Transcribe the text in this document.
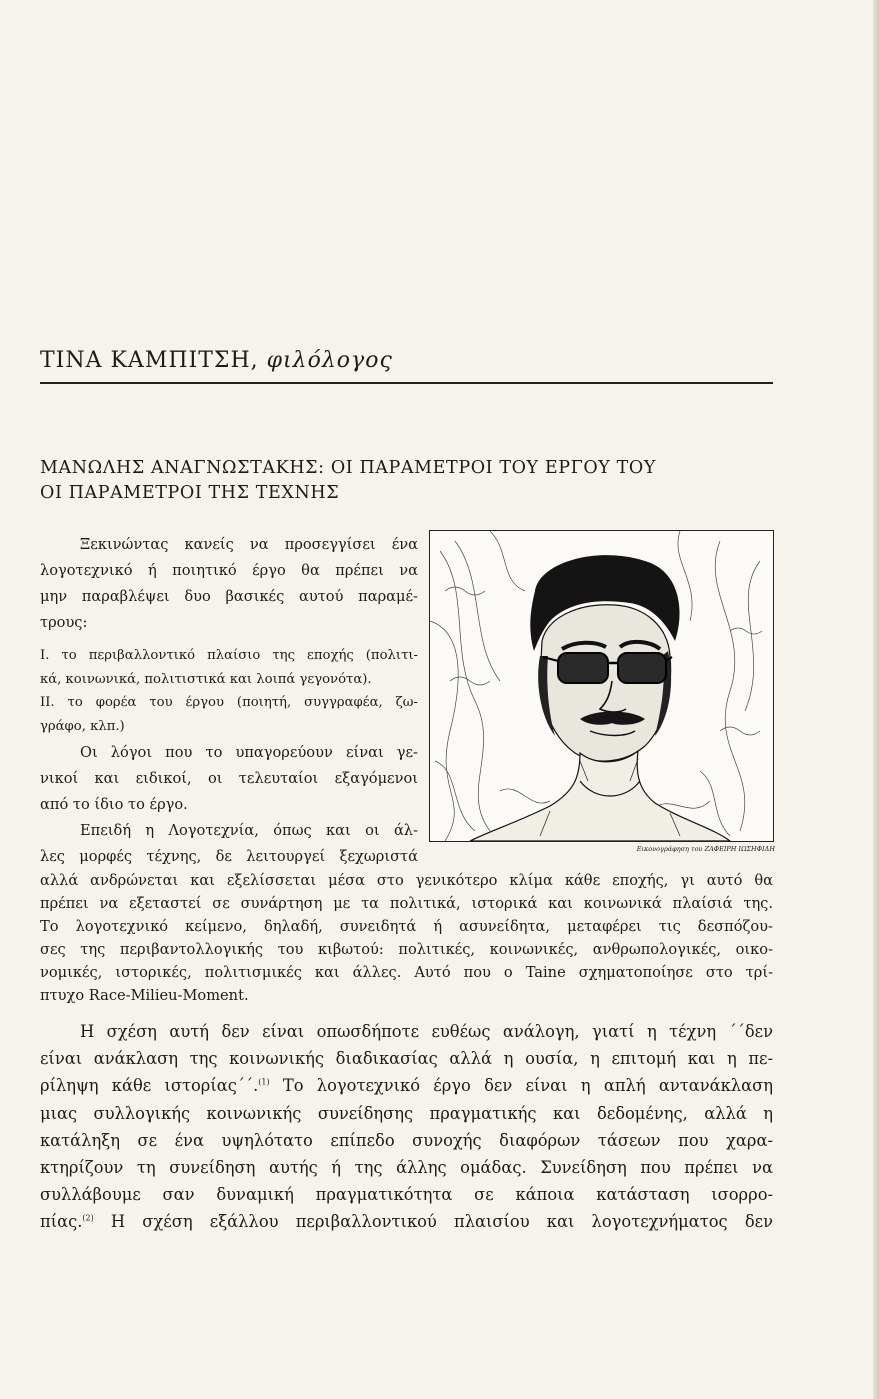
ΤΙΝΑ ΚΑΜΠΙΤΣΗ, φιλόλογος
ΜΑΝΩΛΗΣ ΑΝΑΓΝΩΣΤΑΚΗΣ: ΟΙ ΠΑΡΑΜΕΤΡΟΙ ΤΟΥ ΕΡΓΟΥ ΤΟΥ
ΟΙ ΠΑΡΑΜΕΤΡΟΙ ΤΗΣ ΤΕΧΝΗΣ
Ξεκινώντας κανείς να προσεγγίσει ένα
λογοτεχνικό ή ποιητικό έργο θα πρέπει να
μην παραβλέψει δυο βασικές αυτού παραμέ-
τρους:
Ι. το περιβαλλοντικό πλαίσιο της εποχής (πολιτι-
κά, κοινωνικά, πολιτιστικά και λοιπά γεγονότα).
ΙΙ. το φορέα του έργου (ποιητή, συγγραφέα, ζω-
γράφο, κλπ.)
Οι λόγοι που το υπαγορεύουν είναι γε-
νικοί και ειδικοί, οι τελευταίοι εξαγόμενοι
από το ίδιο το έργο.
Επειδή η Λογοτεχνία, όπως και οι άλ-
λες μορφές τέχνης, δε λειτουργεί ξεχωριστά
αλλά ανδρώνεται και εξελίσσεται μέσα στο γενικότερο κλίμα κάθε εποχής, γι αυτό θα
πρέπει να εξεταστεί σε συνάρτηση με τα πολιτικά, ιστορικά και κοινωνικά πλαίσιά της.
Το λογοτεχνικό κείμενο, δηλαδή, συνειδητά ή ασυνείδητα, μεταφέρει τις δεσπόζου-
σες της περιβαντολλογικής του κιβωτού: πολιτικές, κοινωνικές, ανθρωπολογικές, οικο-
νομικές, ιστορικές, πολιτισμικές και άλλες. Αυτό που ο Taine σχηματοποίησε στο τρί-
πτυχο Race-Milieu-Moment.
Η σχέση αυτή δεν είναι οπωσδήποτε ευθέως ανάλογη, γιατί η τέχνη ΄΄δεν
είναι ανάκλαση της κοινωνικής διαδικασίας αλλά η ουσία, η επιτομή και η πε-
ρίληψη κάθε ιστορίας΄΄.$^{(1)}$ Το λογοτεχνικό έργο δεν είναι η απλή αντανάκλαση
μιας συλλογικής κοινωνικής συνείδησης πραγματικής και δεδομένης, αλλά η
κατάληξη σε ένα υψηλότατο επίπεδο συνοχής διαφόρων τάσεων που χαρα-
κτηρίζουν τη συνείδηση αυτής ή της άλλης ομάδας. Συνείδηση που πρέπει να
συλλάβουμε σαν δυναμική πραγματικότητα σε κάποια κατάσταση ισορρο-
πίας.$^{(2)}$ Η σχέση εξάλλου περιβαλλοντικού πλαισίου και λογοτεχνήματος δεν
Εικονογράφηση του ΖΑΦΕΙΡΗ ΙΩΣΗΦΙΔΗ
